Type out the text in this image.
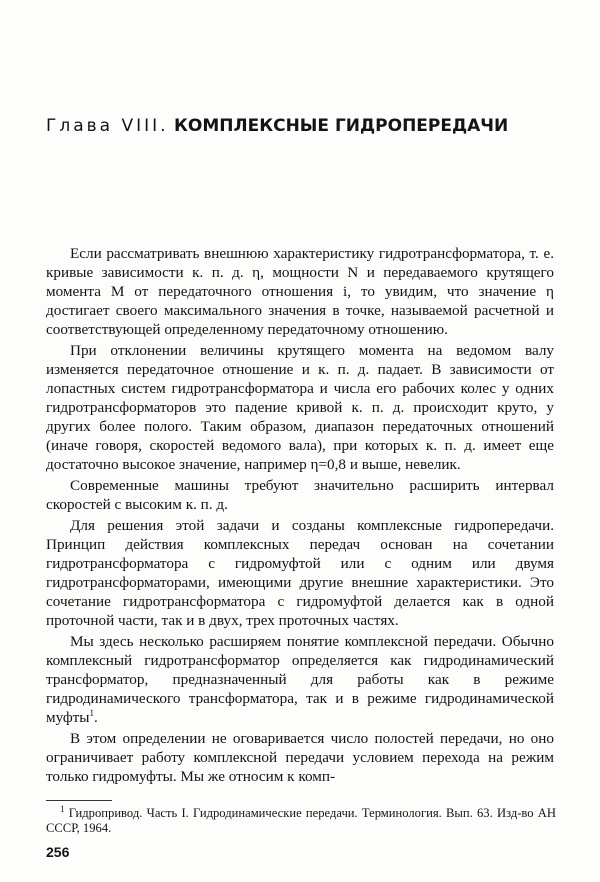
Глава VIII. КОМПЛЕКСНЫЕ ГИДРОПЕРЕДАЧИ

Если рассматривать внешнюю характеристику гидротрансформатора, т. е. кривые зависимости к. п. д. η, мощности N и передаваемого крутящего момента M от передаточного отношения i, то увидим, что значение η достигает своего максимального значения в точке, называемой расчетной и соответствующей определенному передаточному отношению.

При отклонении величины крутящего момента на ведомом валу изменяется передаточное отношение и к. п. д. падает. В зависимости от лопастных систем гидротрансформатора и числа его рабочих колес у одних гидротрансформаторов это падение кривой к. п. д. происходит круто, у других более полого. Таким образом, диапазон передаточных отношений (иначе говоря, скоростей ведомого вала), при которых к. п. д. имеет еще достаточно высокое значение, например η=0,8 и выше, невелик.

Современные машины требуют значительно расширить интервал скоростей с высоким к. п. д.

Для решения этой задачи и созданы комплексные гидропередачи. Принцип действия комплексных передач основан на сочетании гидротрансформатора с гидромуфтой или с одним или двумя гидротрансформаторами, имеющими другие внешние характеристики. Это сочетание гидротрансформатора с гидромуфтой делается как в одной проточной части, так и в двух, трех проточных частях.

Мы здесь несколько расширяем понятие комплексной передачи. Обычно комплексный гидротрансформатор определяется как гидродинамический трансформатор, предназначенный для работы как в режиме гидродинамического трансформатора, так и в режиме гидродинамической муфты$^1$.

В этом определении не оговаривается число полостей передачи, но оно ограничивает работу комплексной передачи условием перехода на режим только гидромуфты. Мы же относим к комп-

$^1$ Гидропривод. Часть I. Гидродинамические передачи. Терминология. Вып. 63. Изд-во АН СССР, 1964.

256
